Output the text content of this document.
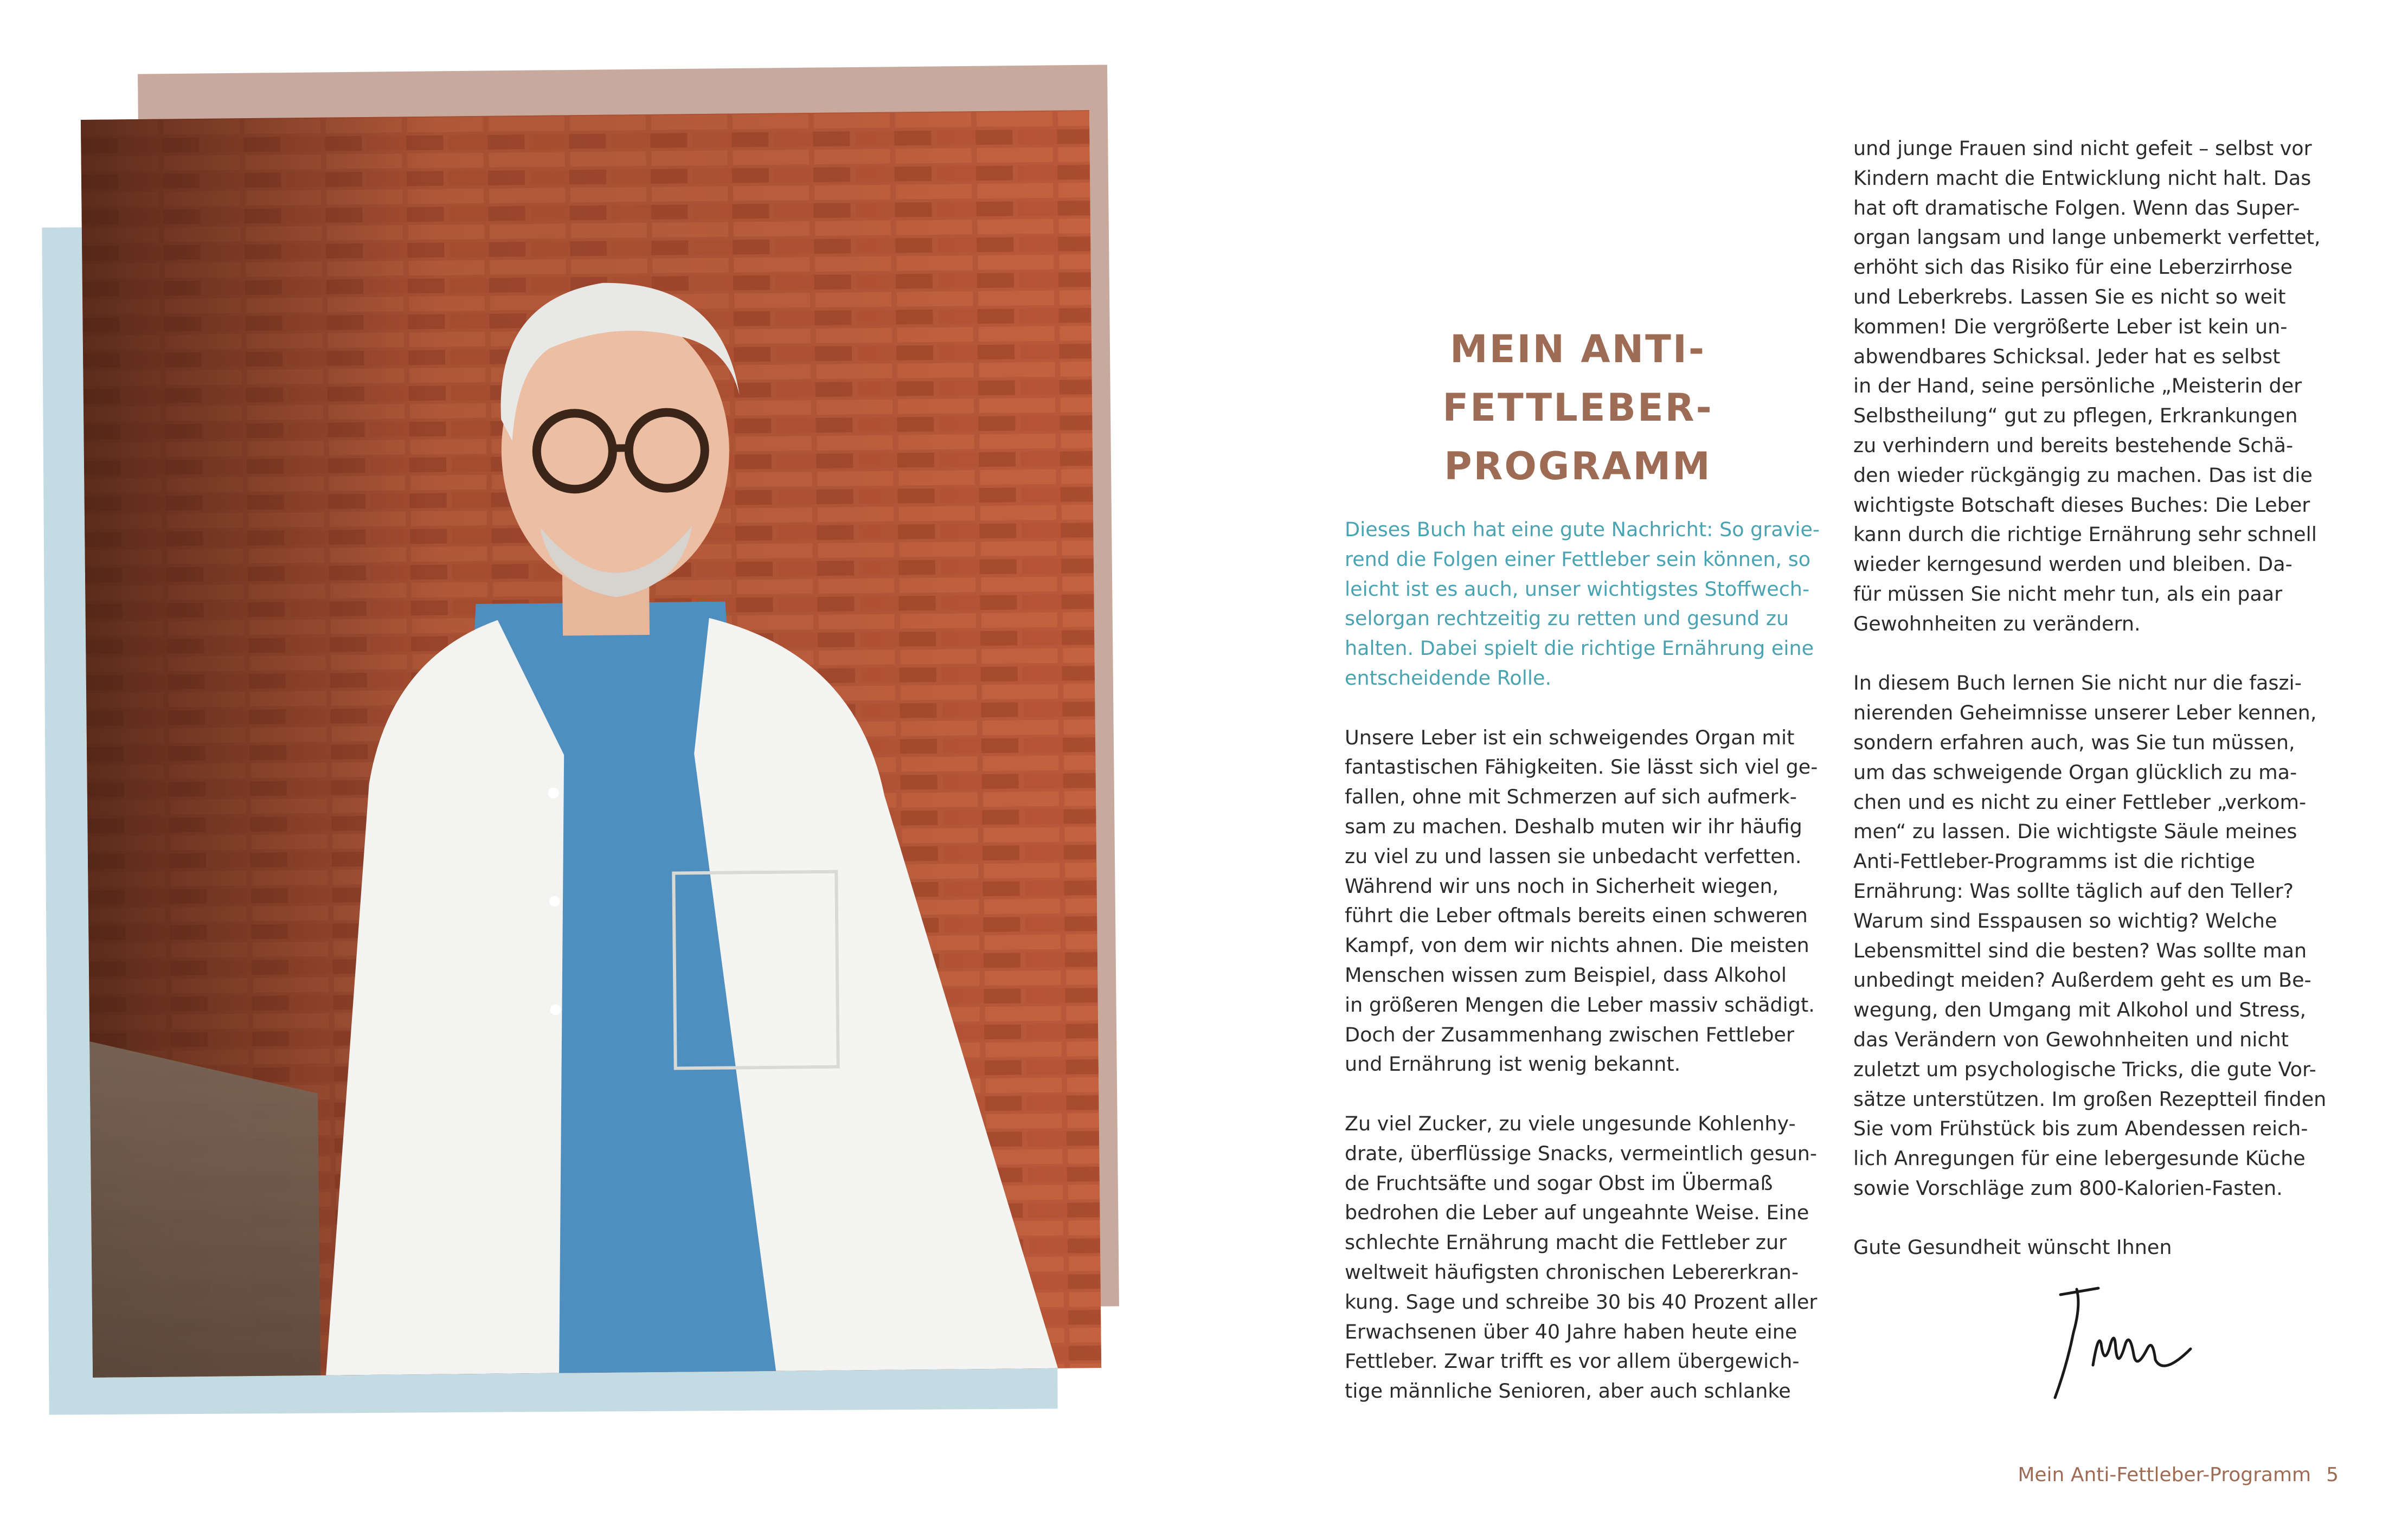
MEIN ANTI-
FETTLEBER-
PROGRAMM
Dieses Buch hat eine gute Nachricht: So gravie-
rend die Folgen einer Fettleber sein können, so
leicht ist es auch, unser wichtigstes Stoffwech-
selorgan rechtzeitig zu retten und gesund zu
halten. Dabei spielt die richtige Ernährung eine
entscheidende Rolle.
Unsere Leber ist ein schweigendes Organ mit
fantastischen Fähigkeiten. Sie lässt sich viel ge-
fallen, ohne mit Schmerzen auf sich aufmerk-
sam zu machen. Deshalb muten wir ihr häufig
zu viel zu und lassen sie unbedacht verfetten.
Während wir uns noch in Sicherheit wiegen,
führt die Leber oftmals bereits einen schweren
Kampf, von dem wir nichts ahnen. Die meisten
Menschen wissen zum Beispiel, dass Alkohol
in größeren Mengen die Leber massiv schädigt.
Doch der Zusammenhang zwischen Fettleber
und Ernährung ist wenig bekannt.
Zu viel Zucker, zu viele ungesunde Kohlenhy-
drate, überflüssige Snacks, vermeintlich gesun-
de Fruchtsäfte und sogar Obst im Übermaß
bedrohen die Leber auf ungeahnte Weise. Eine
schlechte Ernährung macht die Fettleber zur
weltweit häufigsten chronischen Lebererkran-
kung. Sage und schreibe 30 bis 40 Prozent aller
Erwachsenen über 40 Jahre haben heute eine
Fettleber. Zwar trifft es vor allem übergewich-
tige männliche Senioren, aber auch schlanke
und junge Frauen sind nicht gefeit – selbst vor
Kindern macht die Entwicklung nicht halt. Das
hat oft dramatische Folgen. Wenn das Super-
organ langsam und lange unbemerkt verfettet,
erhöht sich das Risiko für eine Leberzirrhose
und Leberkrebs. Lassen Sie es nicht so weit
kommen! Die vergrößerte Leber ist kein un-
abwendbares Schicksal. Jeder hat es selbst
in der Hand, seine persönliche „Meisterin der
Selbstheilung“ gut zu pflegen, Erkrankungen
zu verhindern und bereits bestehende Schä-
den wieder rückgängig zu machen. Das ist die
wichtigste Botschaft dieses Buches: Die Leber
kann durch die richtige Ernährung sehr schnell
wieder kerngesund werden und bleiben. Da-
für müssen Sie nicht mehr tun, als ein paar
Gewohnheiten zu verändern.
In diesem Buch lernen Sie nicht nur die faszi-
nierenden Geheimnisse unserer Leber kennen,
sondern erfahren auch, was Sie tun müssen,
um das schweigende Organ glücklich zu ma-
chen und es nicht zu einer Fettleber „verkom-
men“ zu lassen. Die wichtigste Säule meines
Anti-Fettleber-Programms ist die richtige
Ernährung: Was sollte täglich auf den Teller?
Warum sind Esspausen so wichtig? Welche
Lebensmittel sind die besten? Was sollte man
unbedingt meiden? Außerdem geht es um Be-
wegung, den Umgang mit Alkohol und Stress,
das Verändern von Gewohnheiten und nicht
zuletzt um psychologische Tricks, die gute Vor-
sätze unterstützen. Im großen Rezeptteil finden
Sie vom Frühstück bis zum Abendessen reich-
lich Anregungen für eine lebergesunde Küche
sowie Vorschläge zum 800-Kalorien-Fasten.
Gute Gesundheit wünscht Ihnen
Mein Anti-Fettleber-Programm 5
